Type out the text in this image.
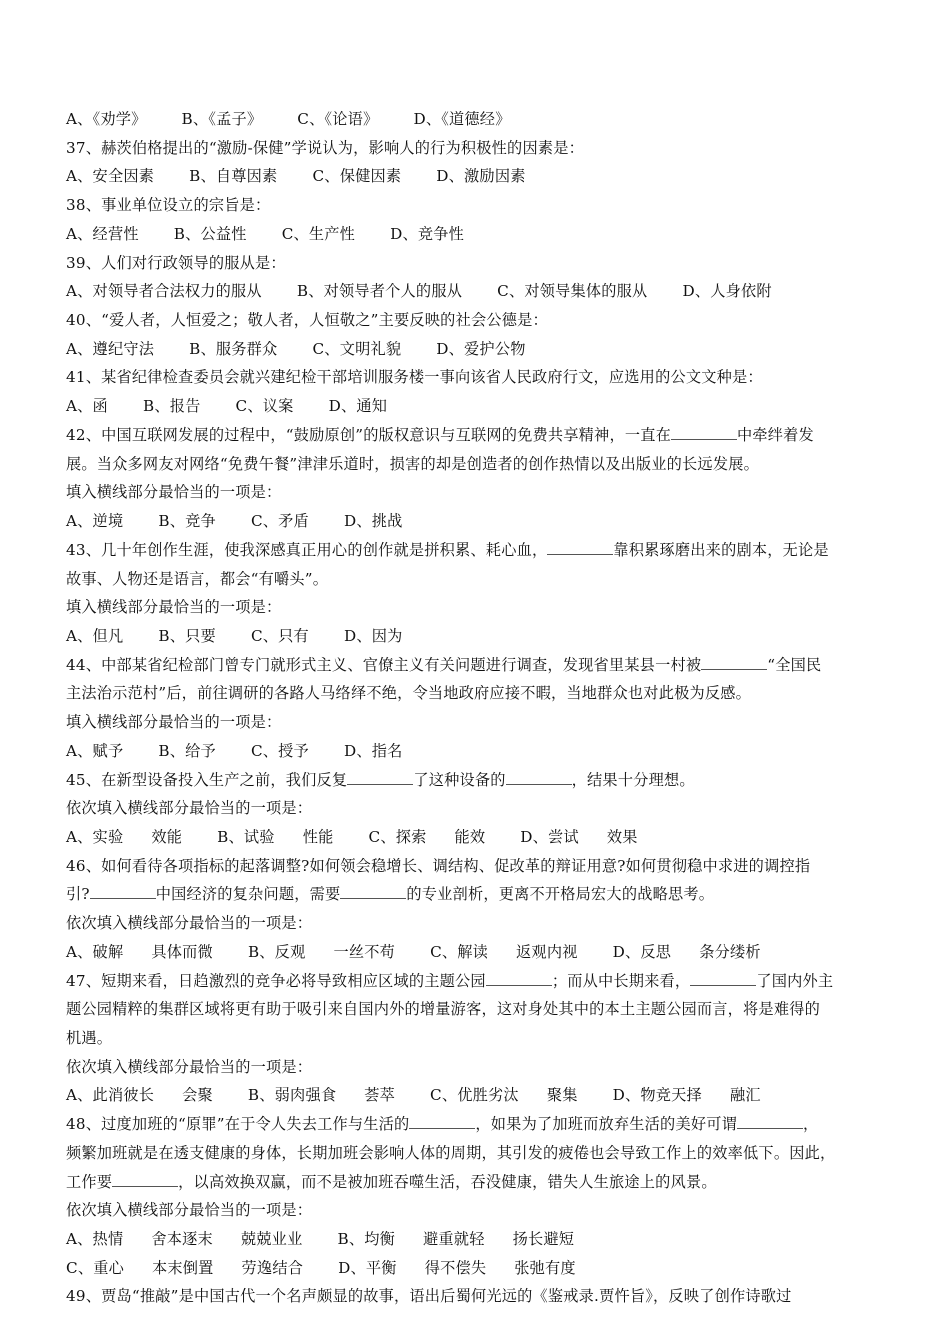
A、《劝学》 B、《孟子》 C、《论语》 D、《道德经》
37、赫茨伯格提出的“激励-保健”学说认为，影响人的行为积极性的因素是：
A、安全因素 B、自尊因素 C、保健因素 D、激励因素
38、事业单位设立的宗旨是：
A、经营性 B、公益性 C、生产性 D、竞争性
39、人们对行政领导的服从是：
A、对领导者合法权力的服从 B、对领导者个人的服从 C、对领导集体的服从 D、人身依附
40、“爱人者，人恒爱之；敬人者，人恒敬之”主要反映的社会公德是：
A、遵纪守法 B、服务群众 C、文明礼貌 D、爱护公物
41、某省纪律检查委员会就兴建纪检干部培训服务楼一事向该省人民政府行文，应选用的公文文种是：
A、函 B、报告 C、议案 D、通知
42、中国互联网发展的过程中，“鼓励原创”的版权意识与互联网的免费共享精神，一直在	中牵绊着发
展。当众多网友对网络“免费午餐”津津乐道时，损害的却是创造者的创作热情以及出版业的长远发展。
填入横线部分最恰当的一项是：
A、逆境 B、竞争 C、矛盾 D、挑战
43、几十年创作生涯，使我深感真正用心的创作就是拼积累、耗心血，	靠积累琢磨出来的剧本，无论是
故事、人物还是语言，都会“有嚼头”。
填入横线部分最恰当的一项是：
A、但凡 B、只要 C、只有 D、因为
44、中部某省纪检部门曾专门就形式主义、官僚主义有关问题进行调查，发现省里某县一村被	“全国民
主法治示范村”后，前往调研的各路人马络绎不绝，令当地政府应接不暇，当地群众也对此极为反感。
填入横线部分最恰当的一项是：
A、赋予 B、给予 C、授予 D、指名
45、在新型设备投入生产之前，我们反复	了这种设备的	，结果十分理想。
依次填入横线部分最恰当的一项是：
A、实验 效能 B、试验 性能 C、探索 能效 D、尝试 效果
46、如何看待各项指标的起落调整?如何领会稳增长、调结构、促改革的辩证用意?如何贯彻稳中求进的调控指
引?	中国经济的复杂问题，需要	的专业剖析，更离不开格局宏大的战略思考。
依次填入横线部分最恰当的一项是：
A、破解 具体而微 B、反观 一丝不苟 C、解读 返观内视 D、反思 条分缕析
47、短期来看，日趋激烈的竞争必将导致相应区域的主题公园	；而从中长期来看，	了国内外主
题公园精粹的集群区域将更有助于吸引来自国内外的增量游客，这对身处其中的本土主题公园而言，将是难得的
机遇。
依次填入横线部分最恰当的一项是：
A、此消彼长 会聚 B、弱肉强食 荟萃 C、优胜劣汰 聚集 D、物竞天择 融汇
48、过度加班的“原罪”在于令人失去工作与生活的	，如果为了加班而放弃生活的美好可谓	，
频繁加班就是在透支健康的身体，长期加班会影响人体的周期，其引发的疲倦也会导致工作上的效率低下。因此，
工作要	，以高效换双赢，而不是被加班吞噬生活，吞没健康，错失人生旅途上的风景。
依次填入横线部分最恰当的一项是：
A、热情 舍本逐末 兢兢业业 B、均衡 避重就轻 扬长避短
C、重心 本末倒置 劳逸结合 D、平衡 得不偿失 张弛有度
49、贾岛“推敲”是中国古代一个名声颇显的故事，语出后蜀何光远的《鉴戒录.贾忤旨》，反映了创作诗歌过
